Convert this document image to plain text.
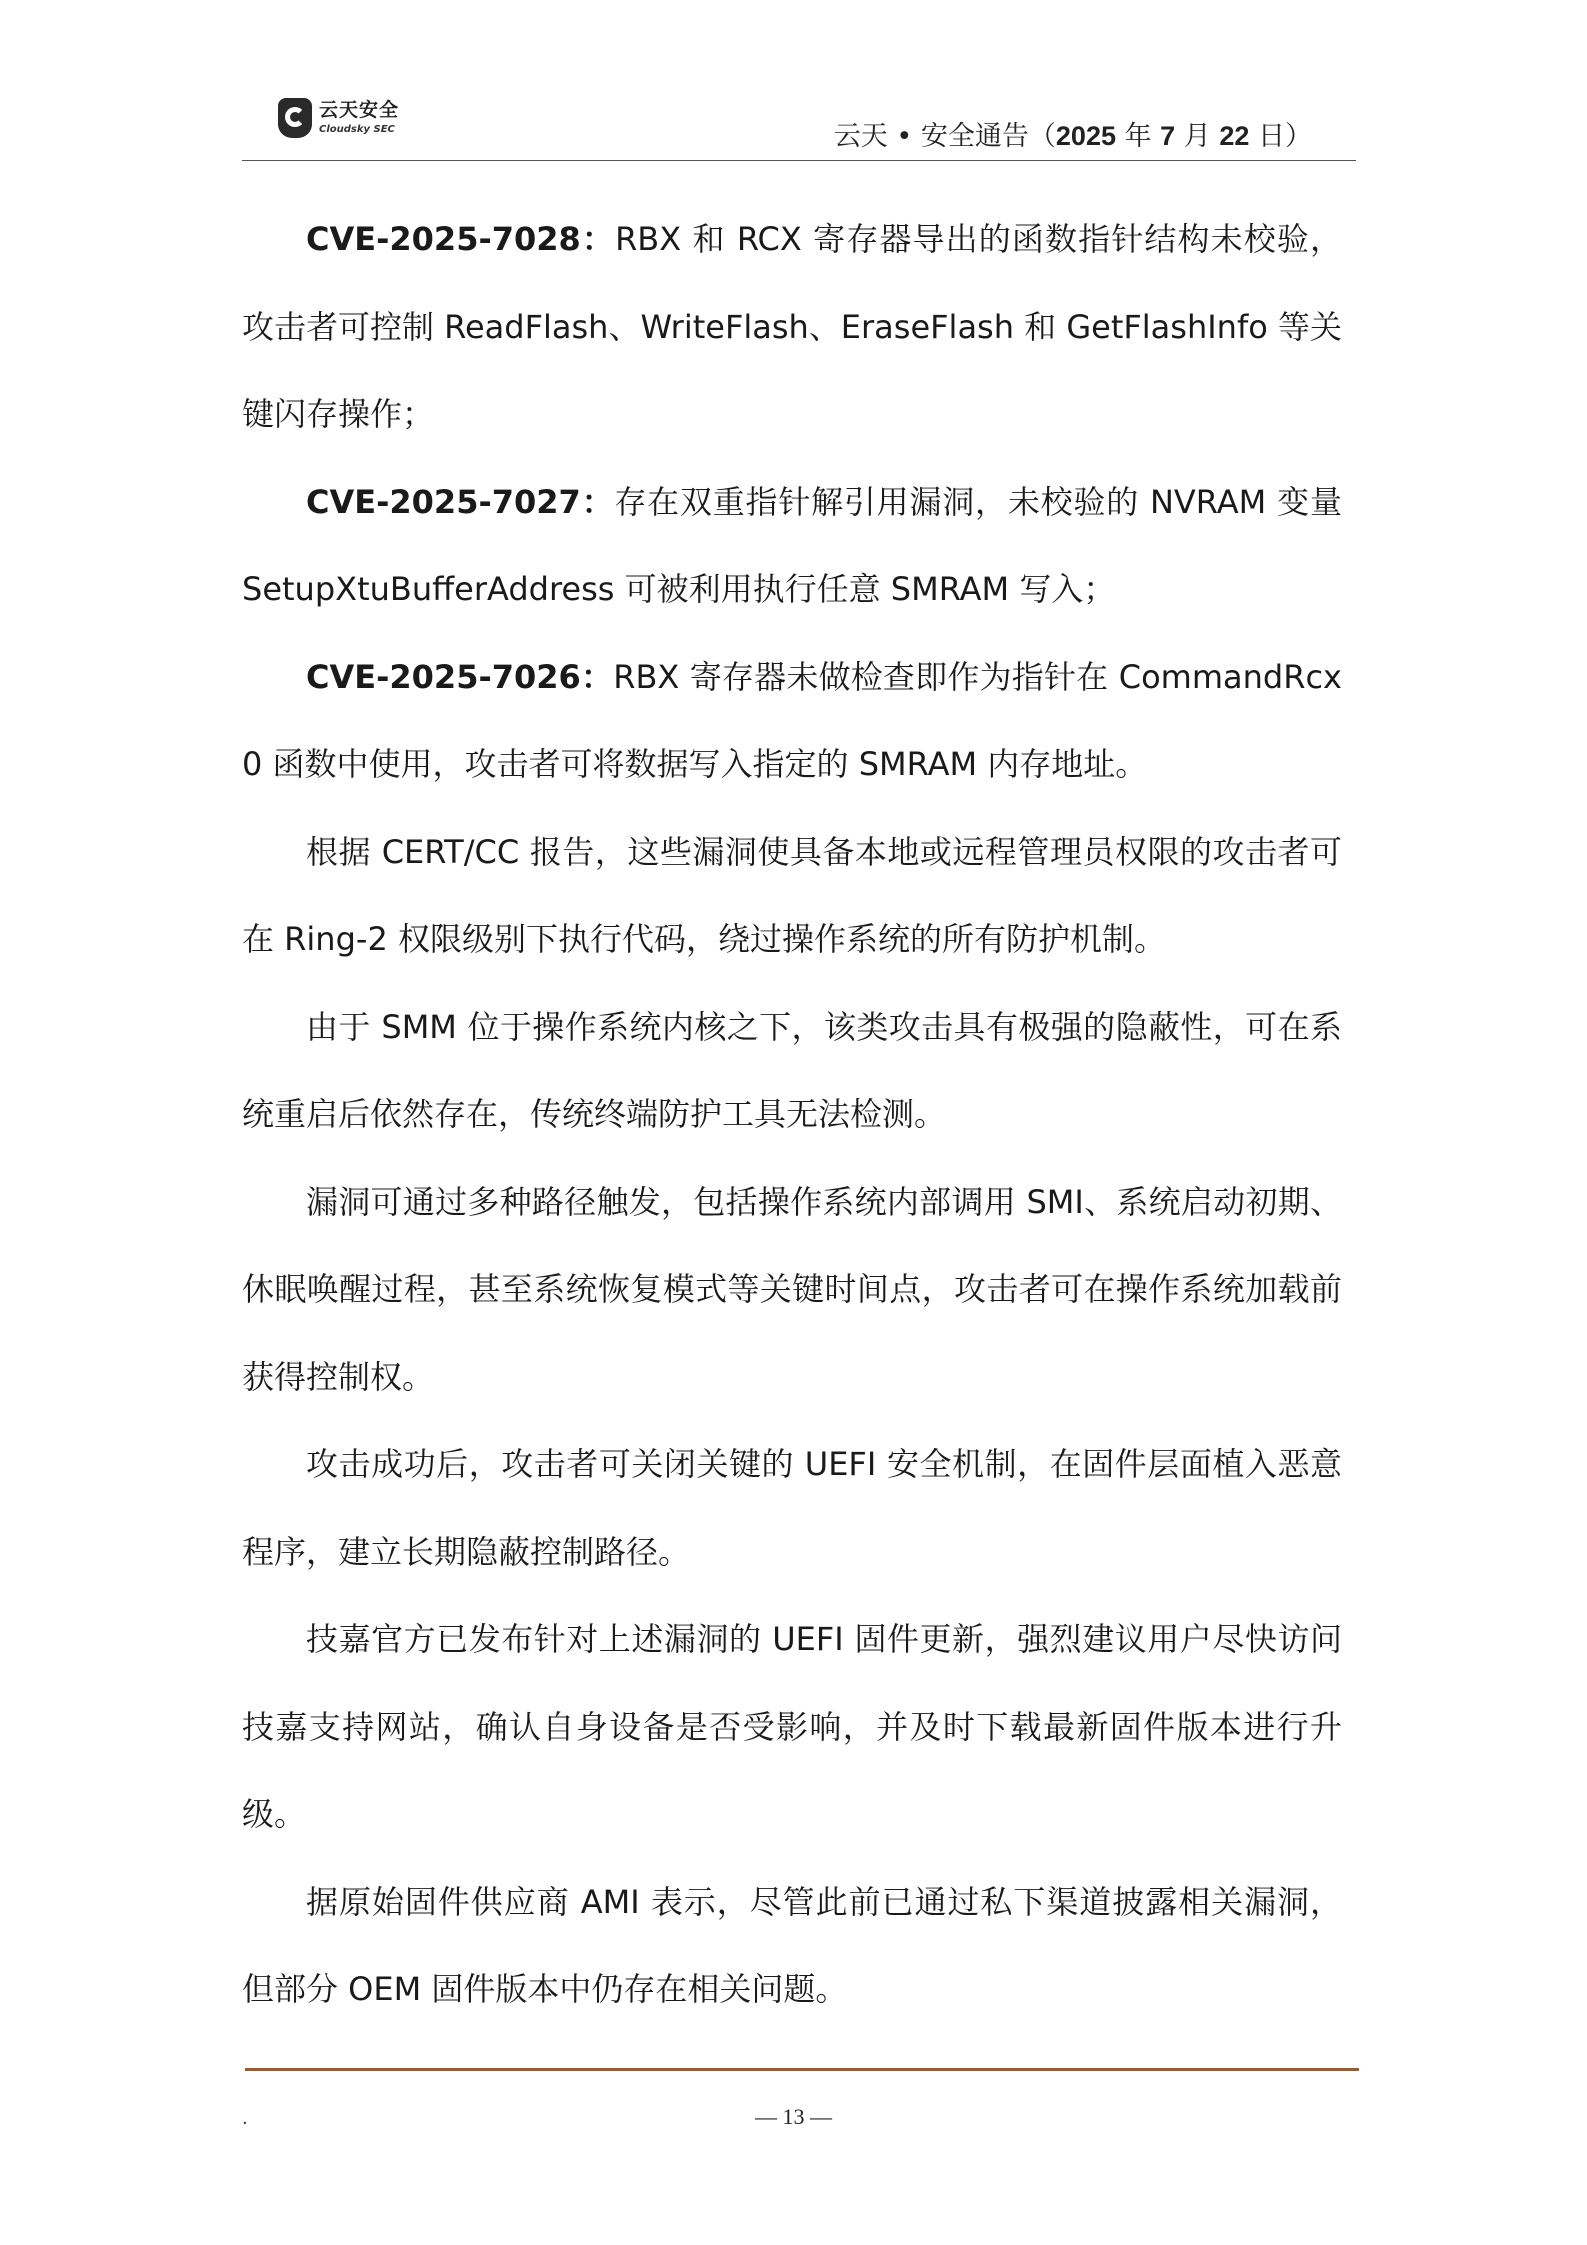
云天安全
Cloudsky SEC	云天 • 安全通告（2025 年 7 月 22 日）

CVE-2025-7028：RBX 和 RCX 寄存器导出的函数指针结构未校验，攻击者可控制 ReadFlash、WriteFlash、EraseFlash 和 GetFlashInfo 等关键闪存操作；

CVE-2025-7027：存在双重指针解引用漏洞，未校验的 NVRAM 变量 SetupXtuBufferAddress 可被利用执行任意 SMRAM 写入；

CVE-2025-7026：RBX 寄存器未做检查即作为指针在 CommandRcx0 函数中使用，攻击者可将数据写入指定的 SMRAM 内存地址。

根据 CERT/CC 报告，这些漏洞使具备本地或远程管理员权限的攻击者可在 Ring-2 权限级别下执行代码，绕过操作系统的所有防护机制。

由于 SMM 位于操作系统内核之下，该类攻击具有极强的隐蔽性，可在系统重启后依然存在，传统终端防护工具无法检测。

漏洞可通过多种路径触发，包括操作系统内部调用 SMI、系统启动初期、休眠唤醒过程，甚至系统恢复模式等关键时间点，攻击者可在操作系统加载前获得控制权。

攻击成功后，攻击者可关闭关键的 UEFI 安全机制，在固件层面植入恶意程序，建立长期隐蔽控制路径。

技嘉官方已发布针对上述漏洞的 UEFI 固件更新，强烈建议用户尽快访问技嘉支持网站，确认自身设备是否受影响，并及时下载最新固件版本进行升级。

据原始固件供应商 AMI 表示，尽管此前已通过私下渠道披露相关漏洞，但部分 OEM 固件版本中仍存在相关问题。

.	— 13 —
